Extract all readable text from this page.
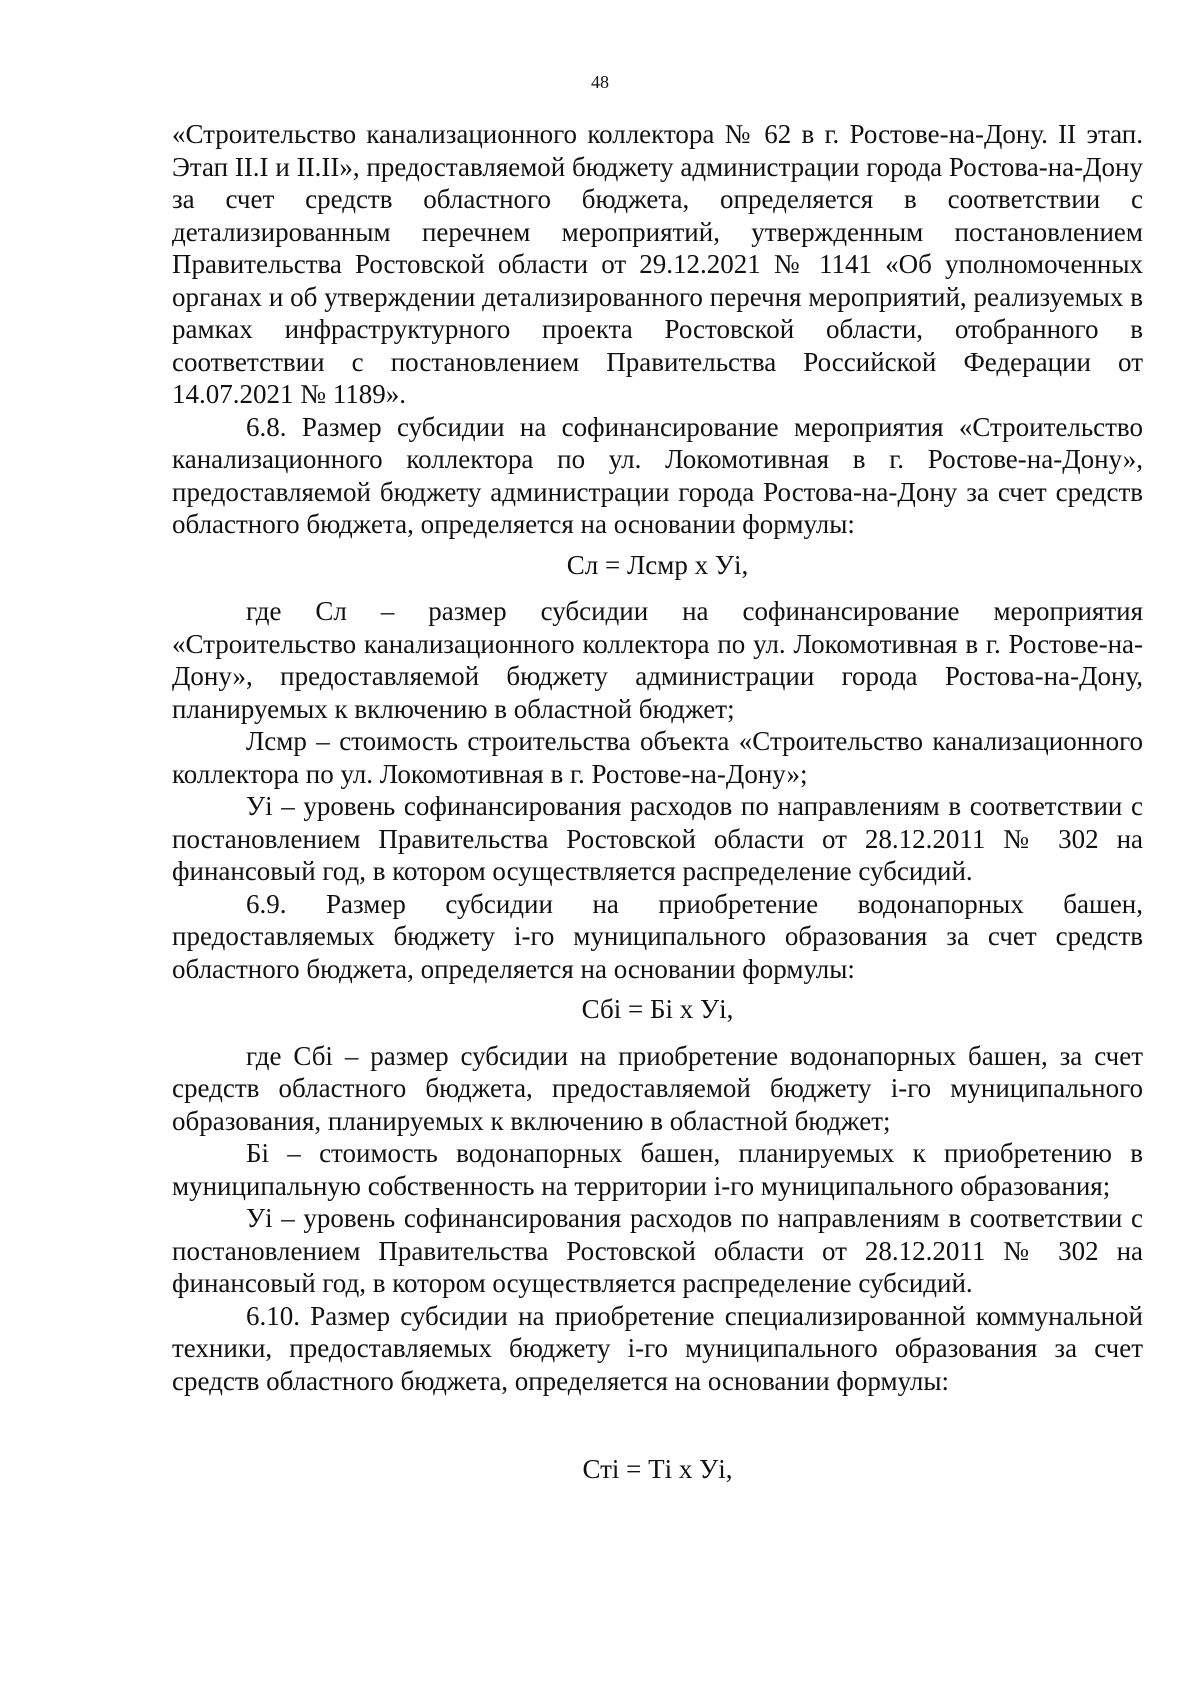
48

«Строительство канализационного коллектора № 62 в г. Ростове-на-Дону. II этап. Этап II.I и II.II», предоставляемой бюджету администрации города Ростова-на-Дону за счет средств областного бюджета, определяется в соответствии с детализированным перечнем мероприятий, утвержденным постановлением Правительства Ростовской области от 29.12.2021 № 1141 «Об уполномоченных органах и об утверждении детализированного перечня мероприятий, реализуемых в рамках инфраструктурного проекта Ростовской области, отобранного в соответствии с постановлением Правительства Российской Федерации от 14.07.2021 № 1189».

6.8. Размер субсидии на софинансирование мероприятия «Строительство канализационного коллектора по ул. Локомотивная в г. Ростове-на-Дону», предоставляемой бюджету администрации города Ростова-на-Дону за счет средств областного бюджета, определяется на основании формулы:

Сл = Лсмр х Уi,

где Сл – размер субсидии на софинансирование мероприятия «Строительство канализационного коллектора по ул. Локомотивная в г. Ростове-на-Дону», предоставляемой бюджету администрации города Ростова-на-Дону, планируемых к включению в областной бюджет;

Лсмр – стоимость строительства объекта «Строительство канализационного коллектора по ул. Локомотивная в г. Ростове-на-Дону»;

Уi – уровень софинансирования расходов по направлениям в соответствии с постановлением Правительства Ростовской области от 28.12.2011 № 302 на финансовый год, в котором осуществляется распределение субсидий.

6.9. Размер субсидии на приобретение водонапорных башен, предоставляемых бюджету i-го муниципального образования за счет средств областного бюджета, определяется на основании формулы:

Сбi = Бi х Уi,

где Сбi – размер субсидии на приобретение водонапорных башен, за счет средств областного бюджета, предоставляемой бюджету i-го муниципального образования, планируемых к включению в областной бюджет;

Бi – стоимость водонапорных башен, планируемых к приобретению в муниципальную собственность на территории i-го муниципального образования;

Уi – уровень софинансирования расходов по направлениям в соответствии с постановлением Правительства Ростовской области от 28.12.2011 № 302 на финансовый год, в котором осуществляется распределение субсидий.

6.10. Размер субсидии на приобретение специализированной коммунальной техники, предоставляемых бюджету i-го муниципального образования за счет средств областного бюджета, определяется на основании формулы:

Стi = Тi х Уi,
